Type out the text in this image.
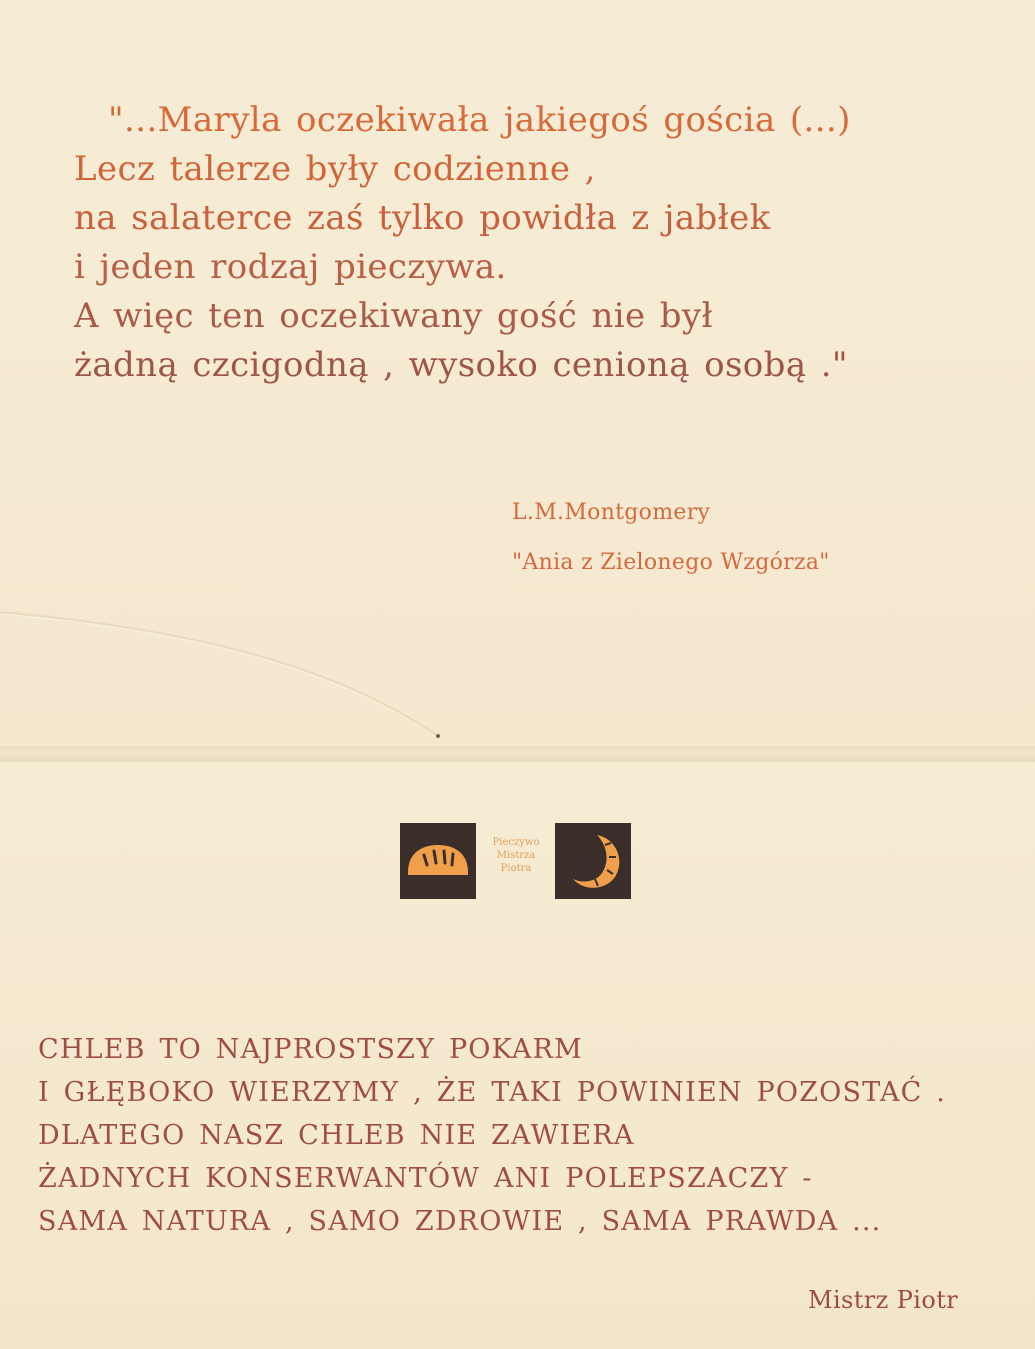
"...Maryla oczekiwała jakiegoś gościa (...)
Lecz talerze były codzienne ,
na salaterce zaś tylko powidła z jabłek
i jeden rodzaj pieczywa.
A więc ten oczekiwany gość nie był
żadną czcigodną , wysoko cenioną osobą ."
L.M.Montgomery
"Ania z Zielonego Wzgórza"
Pieczywo
Mistrza
Piotra
CHLEB TO NAJPROSTSZY POKARM
I GŁĘBOKO WIERZYMY , ŻE TAKI POWINIEN POZOSTAĆ .
DLATEGO NASZ CHLEB NIE ZAWIERA
ŻADNYCH KONSERWANTÓW ANI POLEPSZACZY -
SAMA NATURA , SAMO ZDROWIE , SAMA PRAWDA ...
Mistrz Piotr
